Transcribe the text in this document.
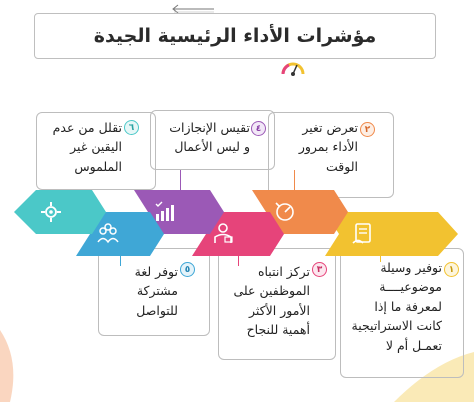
مؤشرات الأداء الرئيسية الجيدة
٦
تقلل من عدم
اليقين غير
الملموس
٤
تقيس الإنجازات
و ليس الأعمال
٢
تعرض تغير
الأداء بمرور
الوقت
٥
توفر لغة
مشتركة
للتواصل
٣
تركز انتباه
الموظفين على
الأمور الأكثر
أهمية للنجاح
١
توفير وسيلة
موضوعيــــة
لمعرفة ما إذا
كانت الاستراتيجية
تعمـل أم لا
